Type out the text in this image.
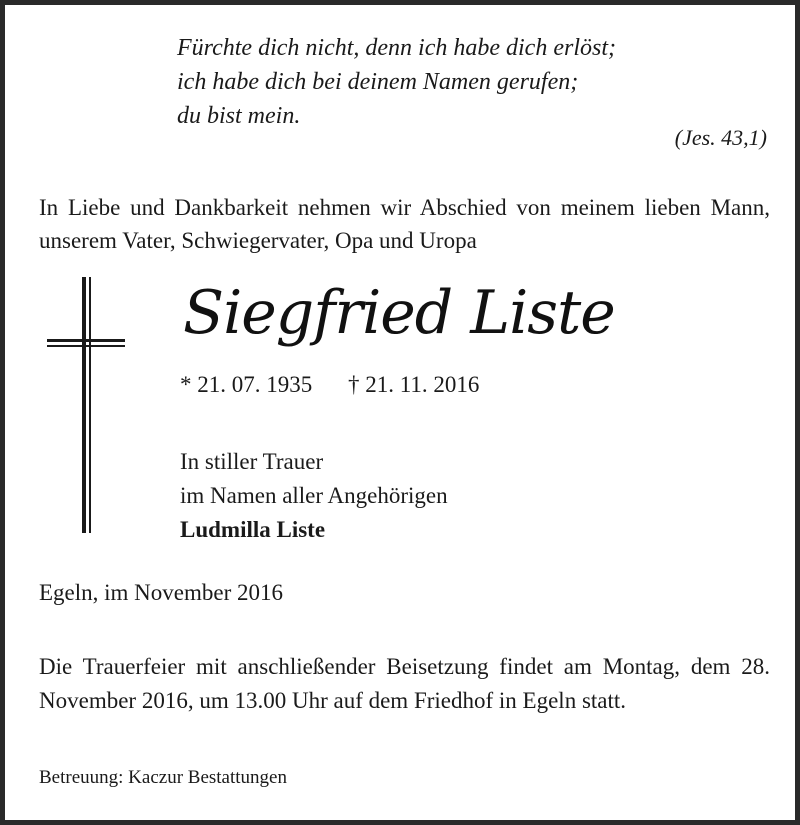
Fürchte dich nicht, denn ich habe dich erlöst;
ich habe dich bei deinem Namen gerufen;
du bist mein.
(Jes. 43,1)
In Liebe und Dankbarkeit nehmen wir Abschied von meinem lieben Mann, unserem Vater, Schwiegervater, Opa und Uropa
Siegfried Liste
* 21. 07. 1935 † 21. 11. 2016
In stiller Trauer
im Namen aller Angehörigen
Ludmilla Liste
Egeln, im November 2016
Die Trauerfeier mit anschließender Beisetzung findet am Montag, dem 28. November 2016, um 13.00 Uhr auf dem Friedhof in Egeln statt.
Betreuung: Kaczur Bestattungen
